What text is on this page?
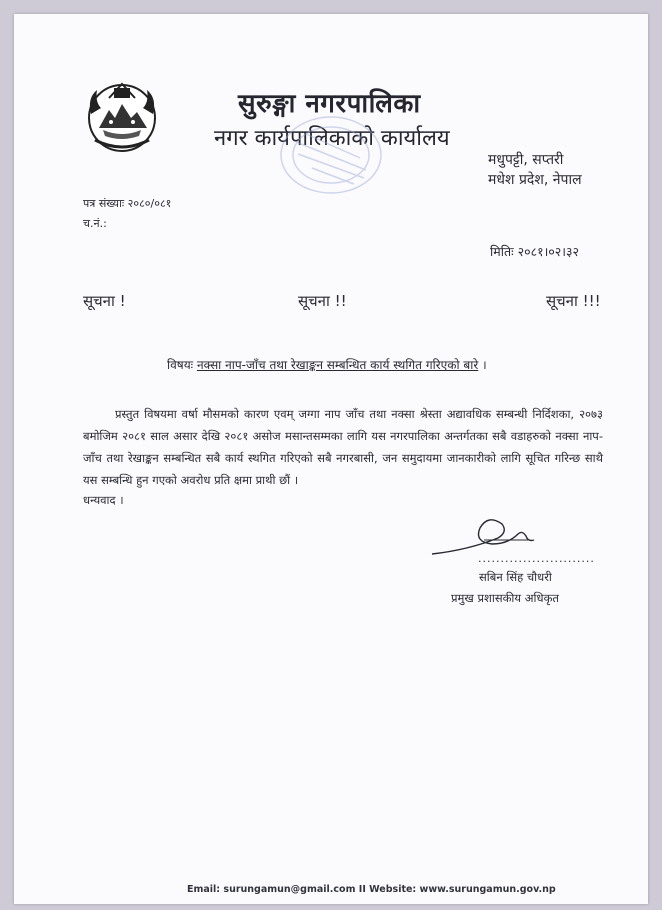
सुरुङ्गा नगरपालिका
नगर कार्यपालिकाको कार्यालय
मधुपट्टी, सप्तरी
मधेश प्रदेश, नेपाल
पत्र संख्याः २०८०/०८१
च.नं.:
मितिः २०८१।०२।३२
सूचना !	सूचना !!	सूचना !!!
विषयः नक्सा नाप-जाँच तथा रेखाङ्कन सम्बन्धित कार्य स्थगित गरिएको बारे ।
प्रस्तुत विषयमा वर्षा मौसमको कारण एवम् जग्गा नाप जाँच तथा नक्सा श्रेस्ता अद्यावधिक सम्बन्धी निर्दिशका, २०७३ बमोजिम २०८१ साल असार देखि २०८१ असोज मसान्तसम्मका लागि यस नगरपालिका अन्तर्गतका सबै वडाहरुको नक्सा नाप-जाँच तथा रेखाङ्कन सम्बन्धित सबै कार्य स्थगित गरिएको सबै नगरबासी, जन समुदायमा जानकारीको लागि सूचित गरिन्छ साथै यस सम्बन्धि हुन गएको अवरोध प्रति क्षमा प्राथी छौं ।
धन्यवाद ।
..........................
सबिन सिंह चौधरी
प्रमुख प्रशासकीय अधिकृत
Email: surungamun@gmail.com II Website: www.surungamun.gov.np
